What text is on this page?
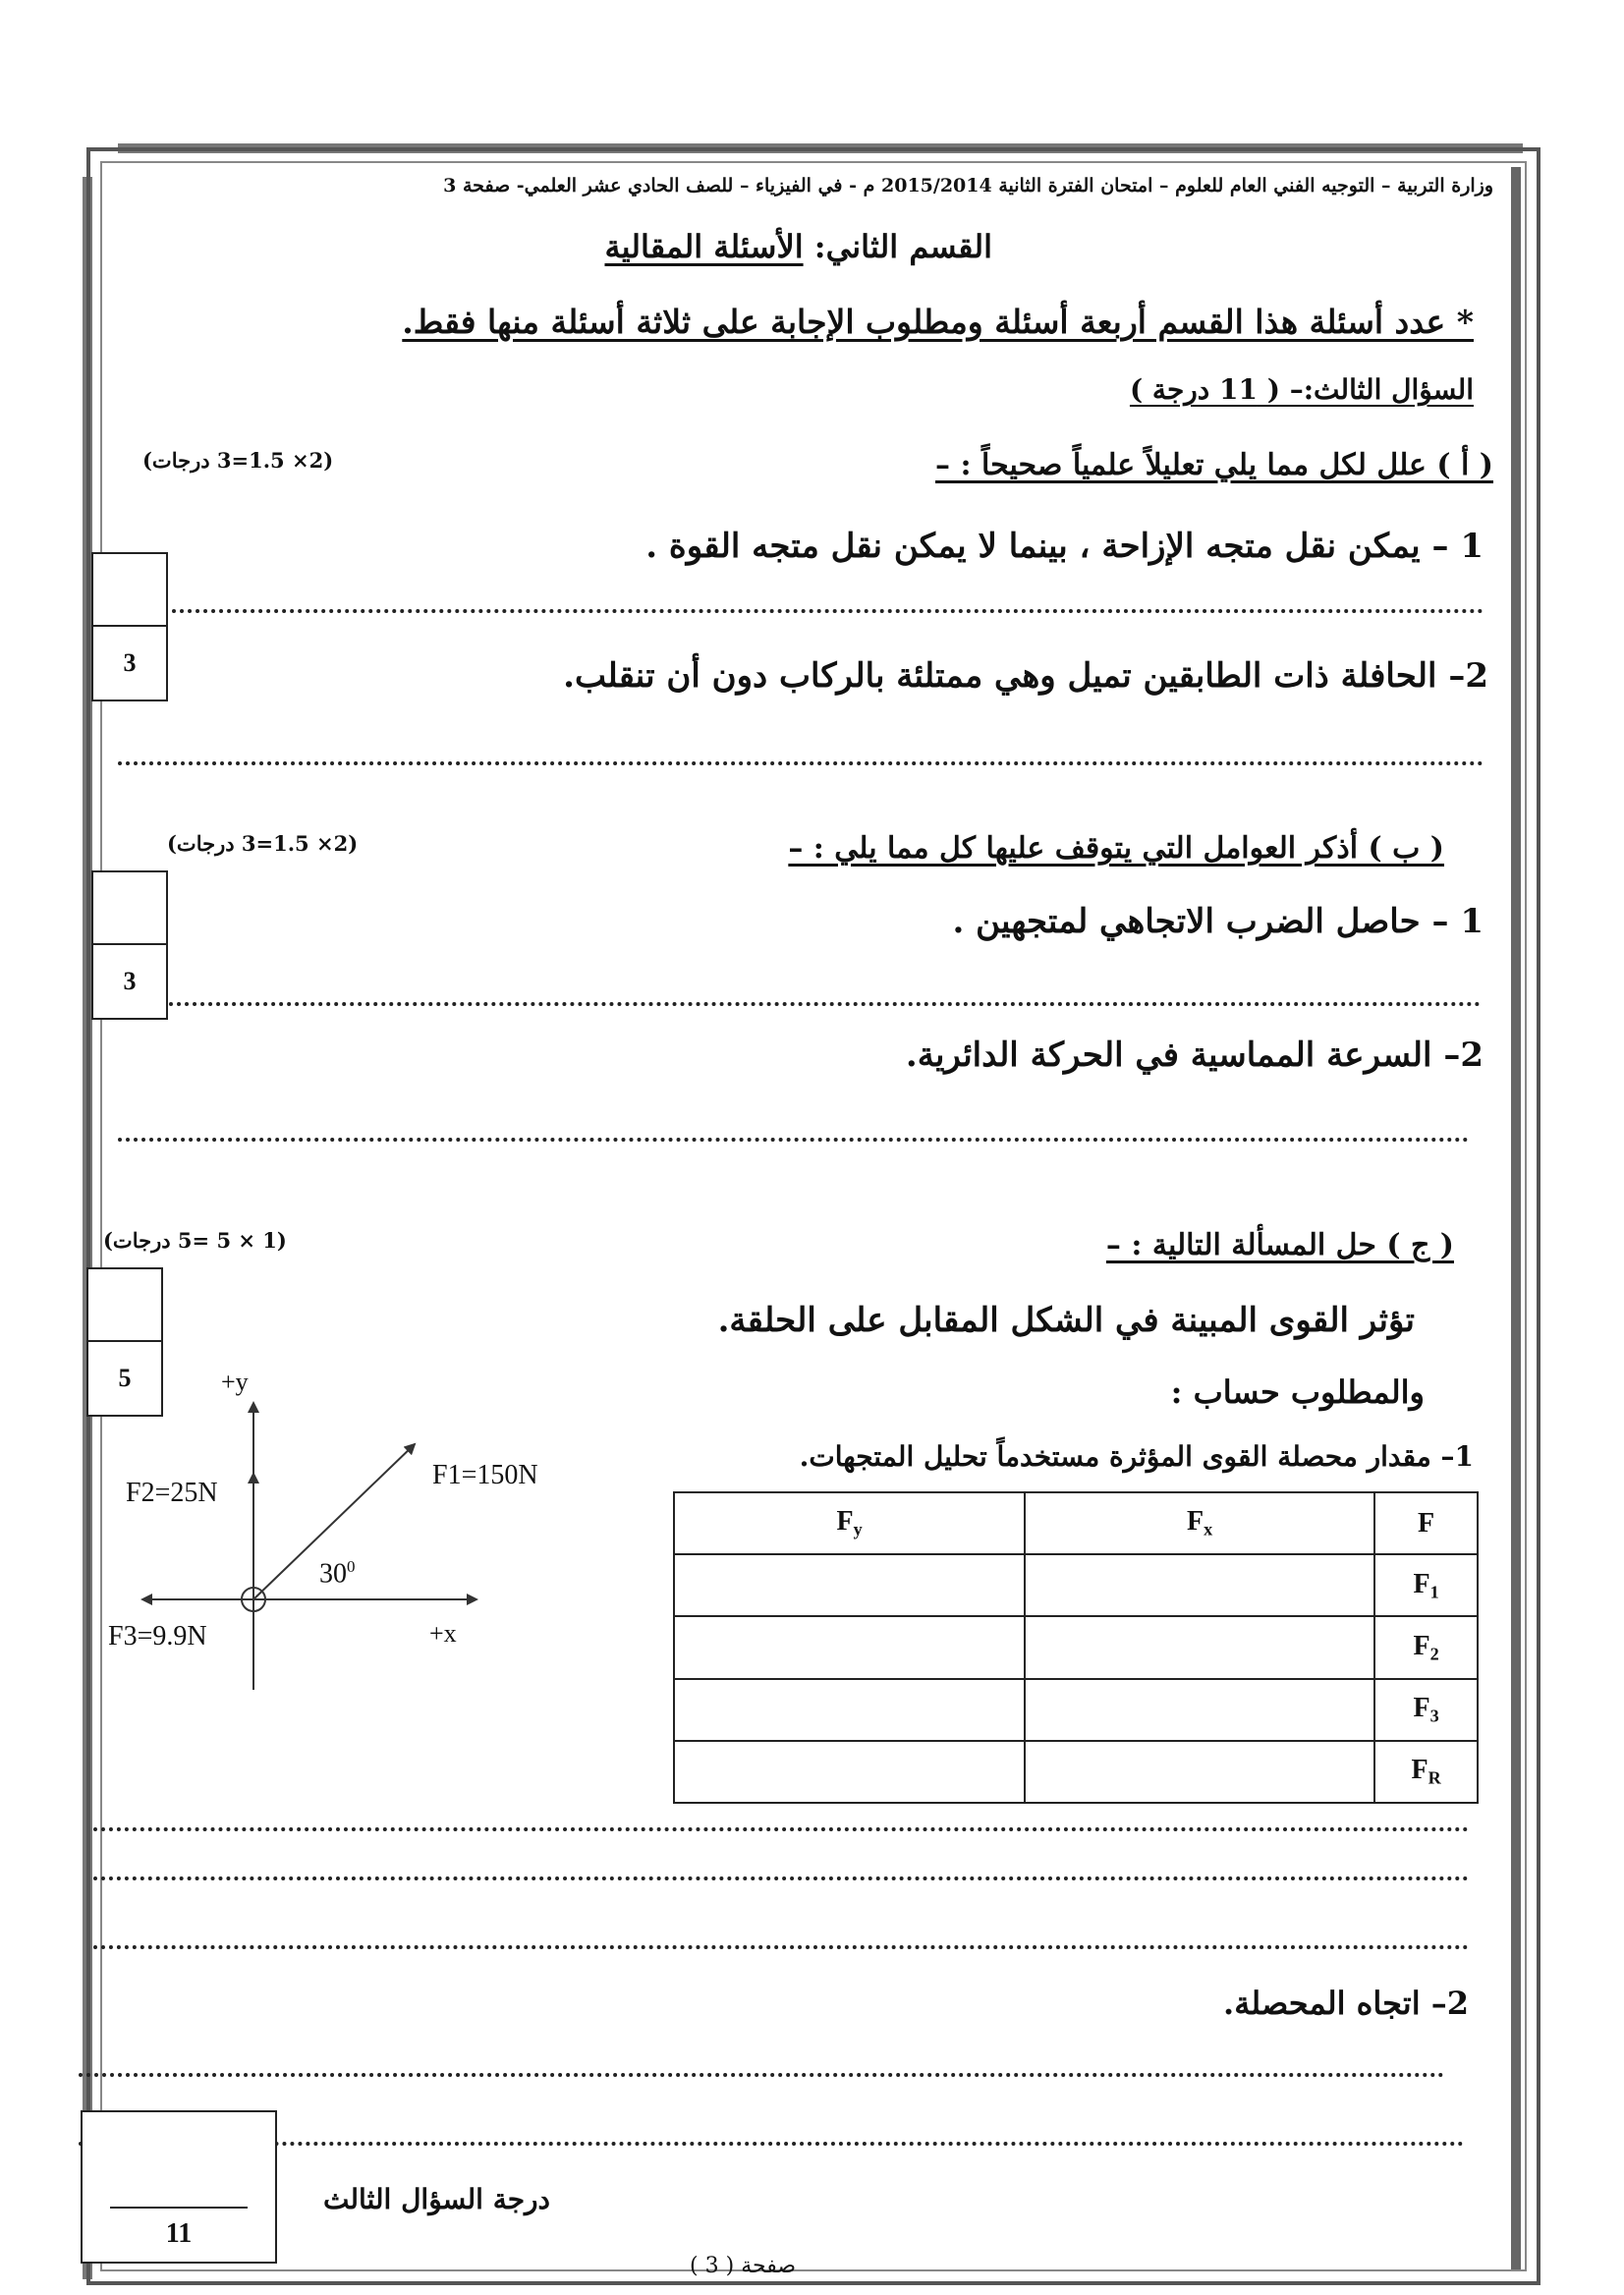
وزارة التربية – التوجيه الفني العام للعلوم – امتحان الفترة الثانية 2015/2014 م - في الفيزياء – للصف الحادي عشر العلمي- صفحة 3
القسم الثاني: الأسئلة المقالية
* عدد أسئلة هذا القسم أربعة أسئلة ومطلوب الإجابة على ثلاثة أسئلة منها فقط.
السؤال الثالث:– ( 11 درجة )
( أ ) علل لكل مما يلي تعليلاً علمياً صحيحاً : –
(2× 1.5=3 درجات)
1 – يمكن نقل متجه الإزاحة ، بينما لا يمكن نقل متجه القوة .
3	2– الحافلة ذات الطابقين تميل وهي ممتلئة بالركاب دون أن تنقلب.
( ب ) أذكر العوامل التي يتوقف عليها كل مما يلي : –
(2× 1.5=3 درجات)
1 – حاصل الضرب الاتجاهي لمتجهين .
3
2– السرعة المماسية في الحركة الدائرية.
( ج ) حل المسألة التالية : –
(1 × 5 =5 درجات)
5
تؤثر القوى المبينة في الشكل المقابل على الحلقة.
والمطلوب حساب :
1– مقدار محصلة القوى المؤثرة مستخدماً تحليل المتجهات.
+y
+x
F1=150N
F2=25N
F3=9.9N
$30^0$
F	$F_x$	$F_y$
$F_1$		
$F_2$		
$F_3$		
$F_R$		
2– اتجاه المحصلة.
11
درجة السؤال الثالث
صفحة ( 3 )
